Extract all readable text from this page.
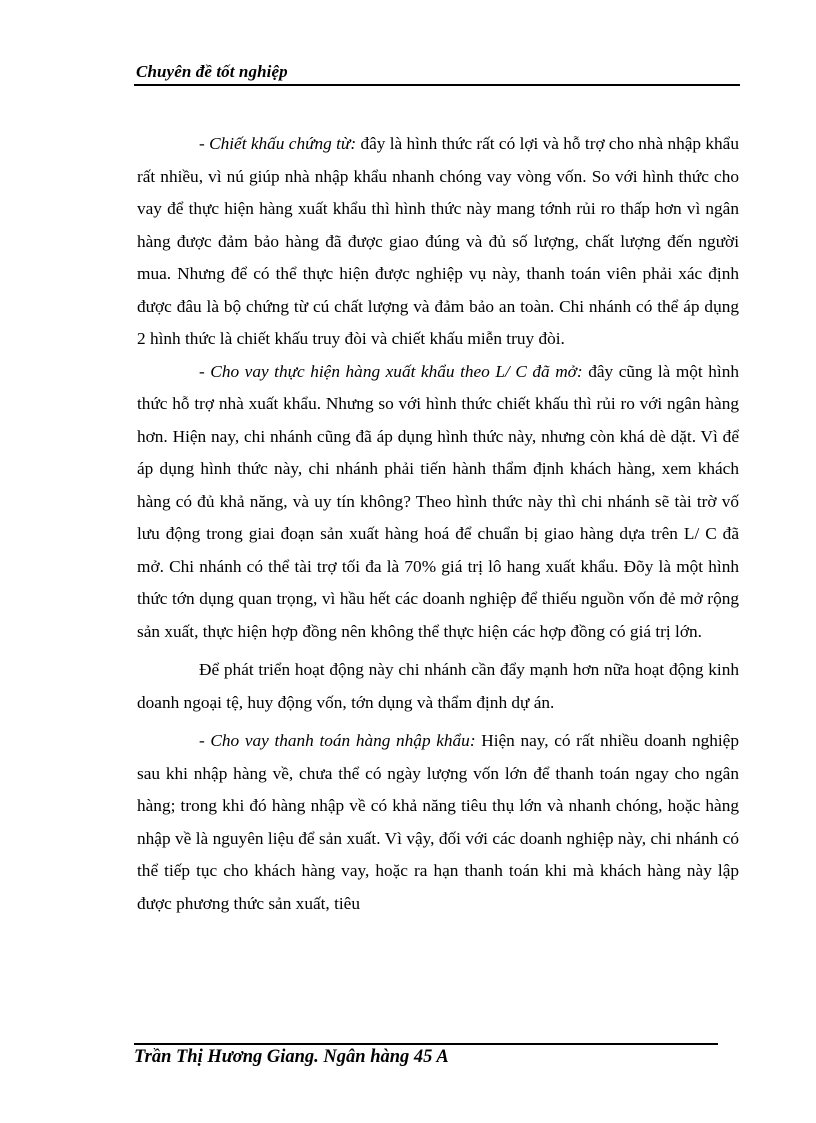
Chuyên đề tốt nghiệp

- Chiết khấu chứng từ: đây là hình thức rất có lợi và hỗ trợ cho nhà nhập khẩu rất nhiều, vì nú giúp nhà nhập khẩu nhanh chóng vay vòng vốn. So với hình thức cho vay để thực hiện hàng xuất khẩu thì hình thức này mang tớnh rủi ro thấp hơn vì ngân hàng được đảm bảo hàng đã được giao đúng và đủ số lượng, chất lượng đến người mua. Nhưng để có thể thực hiện được nghiệp vụ này, thanh toán viên phải xác định được đâu là bộ chứng từ cú chất lượng và đảm bảo an toàn. Chi nhánh có thể áp dụng 2 hình thức là chiết khấu truy đòi và chiết khấu miễn truy đòi.

- Cho vay thực hiện hàng xuất khẩu theo L/ C đã mở: đây cũng là một hình thức hỗ trợ nhà xuất khẩu. Nhưng so với hình thức chiết khấu thì rủi ro với ngân hàng hơn. Hiện nay, chi nhánh cũng đã áp dụng hình thức này, nhưng còn khá dè dặt. Vì để áp dụng hình thức này, chi nhánh phải tiến hành thẩm định khách hàng, xem khách hàng có đủ khả năng, và uy tín không? Theo hình thức này thì chi nhánh sẽ tài trờ vố lưu động trong giai đoạn sản xuất hàng hoá để chuẩn bị giao hàng dựa trên L/ C đã mở. Chi nhánh có thể tài trợ tối đa là 70% giá trị lô hang xuất khẩu. Đõy là một hình thức tớn dụng quan trọng, vì hầu hết các doanh nghiệp để thiếu nguồn vốn đẻ mở rộng sản xuất, thực hiện hợp đồng nên không thể thực hiện các hợp đồng có giá trị lớn.

Để phát triển hoạt động này chi nhánh cần đẩy mạnh hơn nữa hoạt động kinh doanh ngoại tệ, huy động vốn, tớn dụng và thẩm định dự án.

- Cho vay thanh toán hàng nhập khẩu: Hiện nay, có rất nhiều doanh nghiệp sau khi nhập hàng về, chưa thể có ngày lượng vốn lớn để thanh toán ngay cho ngân hàng; trong khi đó hàng nhập về có khả năng tiêu thụ lớn và nhanh chóng, hoặc hàng nhập về là nguyên liệu để sản xuất. Vì vậy, đối với các doanh nghiệp này, chi nhánh có thể tiếp tục cho khách hàng vay, hoặc ra hạn thanh toán khi mà khách hàng này lập được phương thức sản xuất, tiêu

Trần Thị Hương Giang. Ngân hàng 45 A
